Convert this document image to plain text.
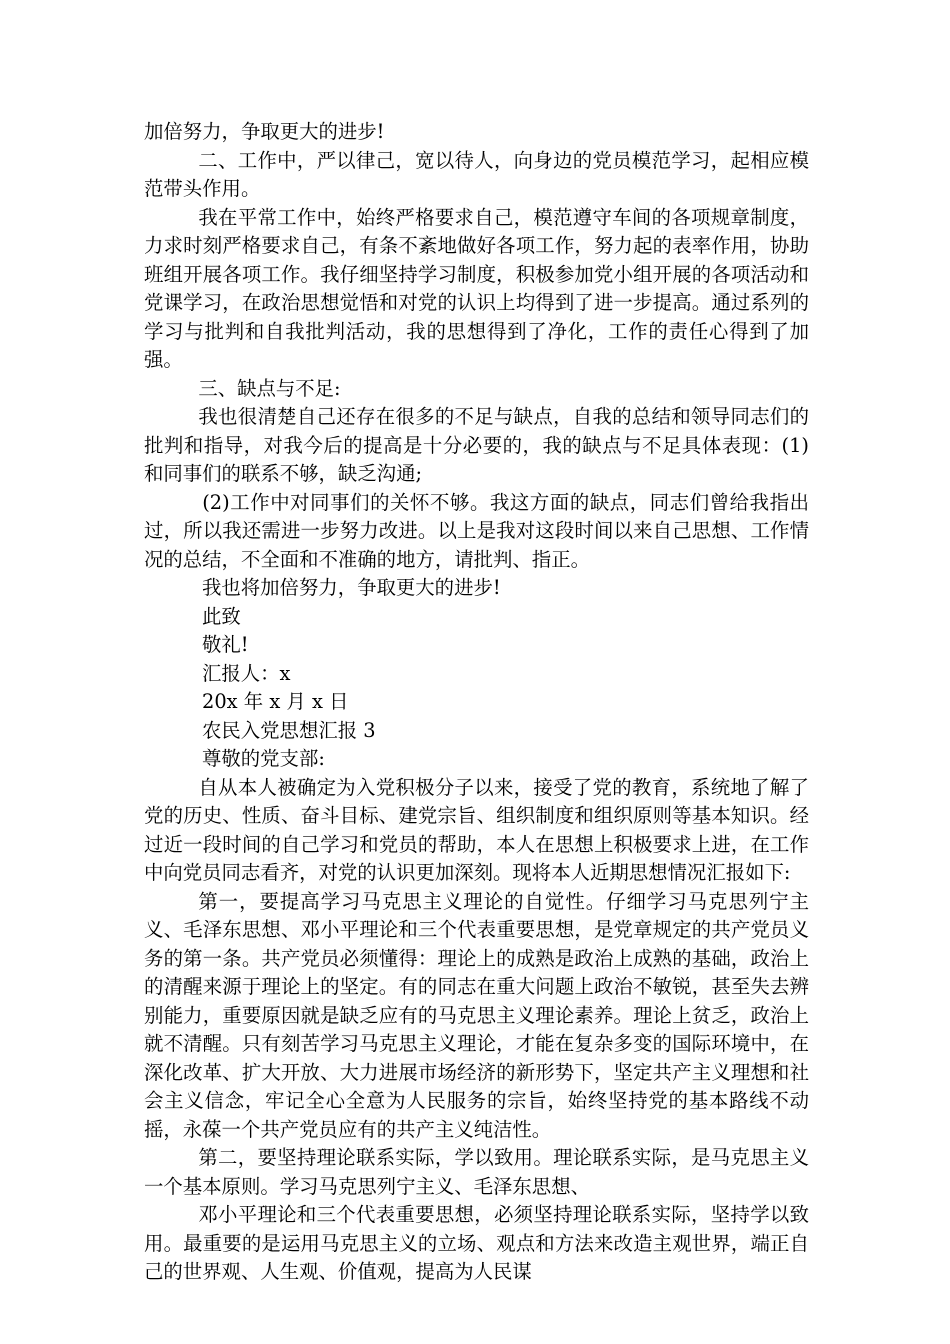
加倍努力，争取更大的进步!

二、工作中，严以律己，宽以待人，向身边的党员模范学习，起相应模范带头作用。

我在平常工作中，始终严格要求自己，模范遵守车间的各项规章制度，力求时刻严格要求自己，有条不紊地做好各项工作，努力起的表率作用，协助班组开展各项工作。我仔细坚持学习制度，积极参加党小组开展的各项活动和党课学习，在政治思想觉悟和对党的认识上均得到了进一步提高。通过系列的学习与批判和自我批判活动，我的思想得到了净化，工作的责任心得到了加强。

三、缺点与不足:

我也很清楚自己还存在很多的不足与缺点，自我的总结和领导同志们的批判和指导，对我今后的提高是十分必要的，我的缺点与不足具体表现：(1)和同事们的联系不够，缺乏沟通;

(2)工作中对同事们的关怀不够。我这方面的缺点，同志们曾给我指出过，所以我还需进一步努力改进。以上是我对这段时间以来自己思想、工作情况的总结，不全面和不准确的地方，请批判、指正。

我也将加倍努力，争取更大的进步!

此致

敬礼!

汇报人：x

20x 年 x 月 x 日

农民入党思想汇报 3

尊敬的党支部:

自从本人被确定为入党积极分子以来，接受了党的教育，系统地了解了党的历史、性质、奋斗目标、建党宗旨、组织制度和组织原则等基本知识。经过近一段时间的自己学习和党员的帮助，本人在思想上积极要求上进，在工作中向党员同志看齐，对党的认识更加深刻。现将本人近期思想情况汇报如下:

第一，要提高学习马克思主义理论的自觉性。仔细学习马克思列宁主义、毛泽东思想、邓小平理论和三个代表重要思想，是党章规定的共产党员义务的第一条。共产党员必须懂得：理论上的成熟是政治上成熟的基础，政治上的清醒来源于理论上的坚定。有的同志在重大问题上政治不敏锐，甚至失去辨别能力，重要原因就是缺乏应有的马克思主义理论素养。理论上贫乏，政治上就不清醒。只有刻苦学习马克思主义理论，才能在复杂多变的国际环境中，在深化改革、扩大开放、大力进展市场经济的新形势下，坚定共产主义理想和社会主义信念，牢记全心全意为人民服务的宗旨，始终坚持党的基本路线不动摇，永葆一个共产党员应有的共产主义纯洁性。

第二，要坚持理论联系实际，学以致用。理论联系实际，是马克思主义一个基本原则。学习马克思列宁主义、毛泽东思想、

邓小平理论和三个代表重要思想，必须坚持理论联系实际，坚持学以致用。最重要的是运用马克思主义的立场、观点和方法来改造主观世界，端正自己的世界观、人生观、价值观，提高为人民谋
